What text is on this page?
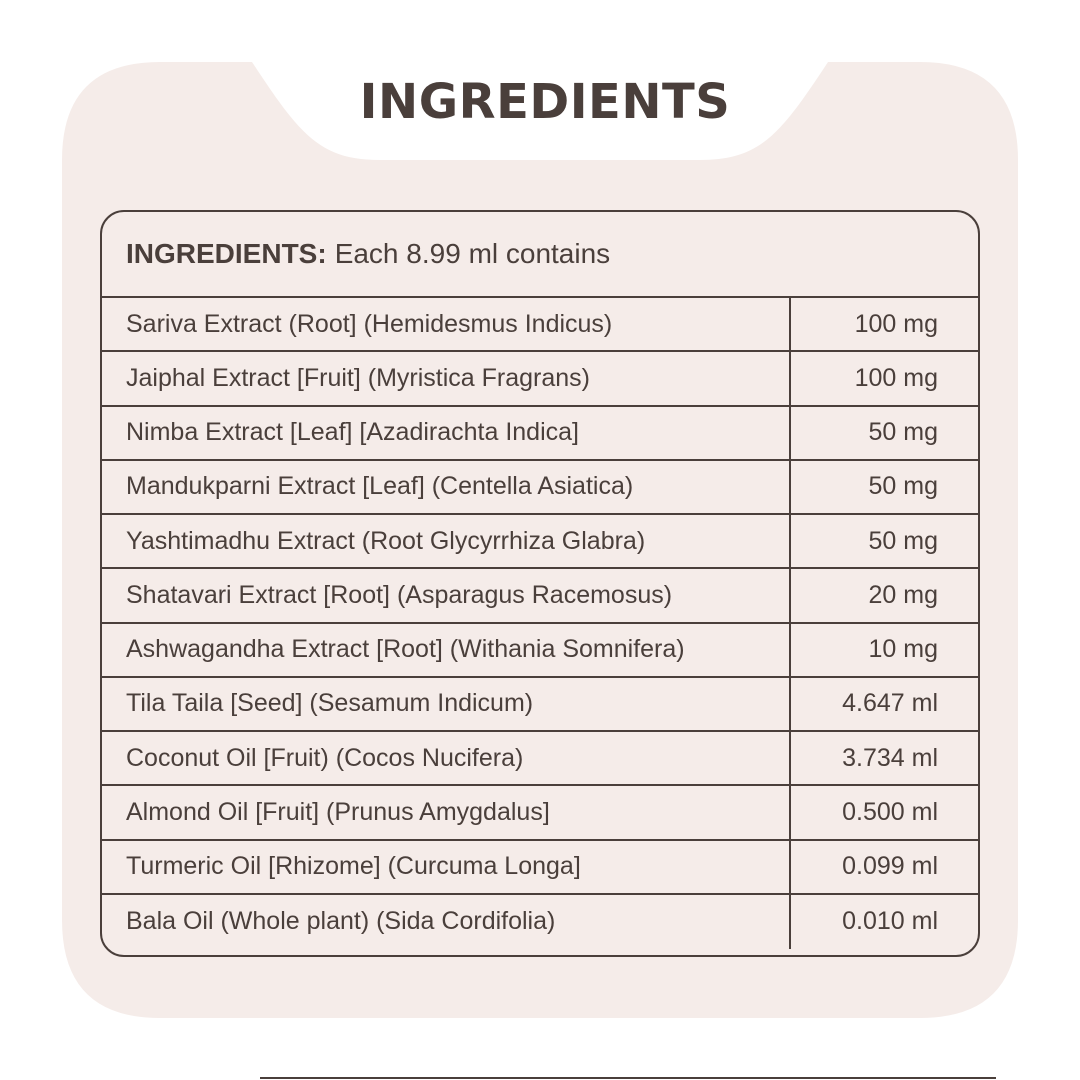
INGREDIENTS
INGREDIENTS: Each 8.99 ml contains
Sariva Extract (Root] (Hemidesmus Indicus)	100 mg
Jaiphal Extract [Fruit] (Myristica Fragrans)	100 mg
Nimba Extract [Leaf] [Azadirachta Indica]	50 mg
Mandukparni Extract [Leaf] (Centella Asiatica)	50 mg
Yashtimadhu Extract (Root Glycyrrhiza Glabra)	50 mg
Shatavari Extract [Root] (Asparagus Racemosus)	20 mg
Ashwagandha Extract [Root] (Withania Somnifera)	10 mg
Tila Taila [Seed] (Sesamum Indicum)	4.647 ml
Coconut Oil [Fruit) (Cocos Nucifera)	3.734 ml
Almond Oil [Fruit] (Prunus Amygdalus]	0.500 ml
Turmeric Oil [Rhizome] (Curcuma Longa]	0.099 ml
Bala Oil (Whole plant) (Sida Cordifolia)	0.010 ml
